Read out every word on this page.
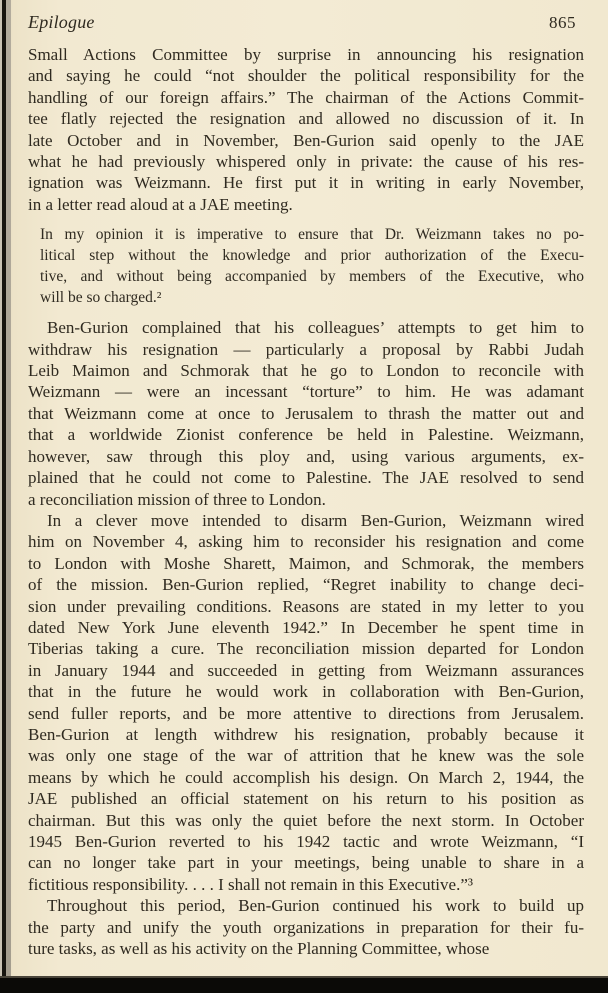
Epilogue	865
Small Actions Committee by surprise in announcing his resignation
and saying he could “not shoulder the political responsibility for the
handling of our foreign affairs.” The chairman of the Actions Commit-
tee flatly rejected the resignation and allowed no discussion of it. In
late October and in November, Ben-Gurion said openly to the JAE
what he had previously whispered only in private: the cause of his res-
ignation was Weizmann. He first put it in writing in early November,
in a letter read aloud at a JAE meeting.
In my opinion it is imperative to ensure that Dr. Weizmann takes no po-
litical step without the knowledge and prior authorization of the Execu-
tive, and without being accompanied by members of the Executive, who
will be so charged.²
Ben-Gurion complained that his colleagues’ attempts to get him to
withdraw his resignation — particularly a proposal by Rabbi Judah
Leib Maimon and Schmorak that he go to London to reconcile with
Weizmann — were an incessant “torture” to him. He was adamant
that Weizmann come at once to Jerusalem to thrash the matter out and
that a worldwide Zionist conference be held in Palestine. Weizmann,
however, saw through this ploy and, using various arguments, ex-
plained that he could not come to Palestine. The JAE resolved to send
a reconciliation mission of three to London.
In a clever move intended to disarm Ben-Gurion, Weizmann wired
him on November 4, asking him to reconsider his resignation and come
to London with Moshe Sharett, Maimon, and Schmorak, the members
of the mission. Ben-Gurion replied, “Regret inability to change deci-
sion under prevailing conditions. Reasons are stated in my letter to you
dated New York June eleventh 1942.” In December he spent time in
Tiberias taking a cure. The reconciliation mission departed for London
in January 1944 and succeeded in getting from Weizmann assurances
that in the future he would work in collaboration with Ben-Gurion,
send fuller reports, and be more attentive to directions from Jerusalem.
Ben-Gurion at length withdrew his resignation, probably because it
was only one stage of the war of attrition that he knew was the sole
means by which he could accomplish his design. On March 2, 1944, the
JAE published an official statement on his return to his position as
chairman. But this was only the quiet before the next storm. In October
1945 Ben-Gurion reverted to his 1942 tactic and wrote Weizmann, “I
can no longer take part in your meetings, being unable to share in a
fictitious responsibility. . . . I shall not remain in this Executive.”³
Throughout this period, Ben-Gurion continued his work to build up
the party and unify the youth organizations in preparation for their fu-
ture tasks, as well as his activity on the Planning Committee, whose
